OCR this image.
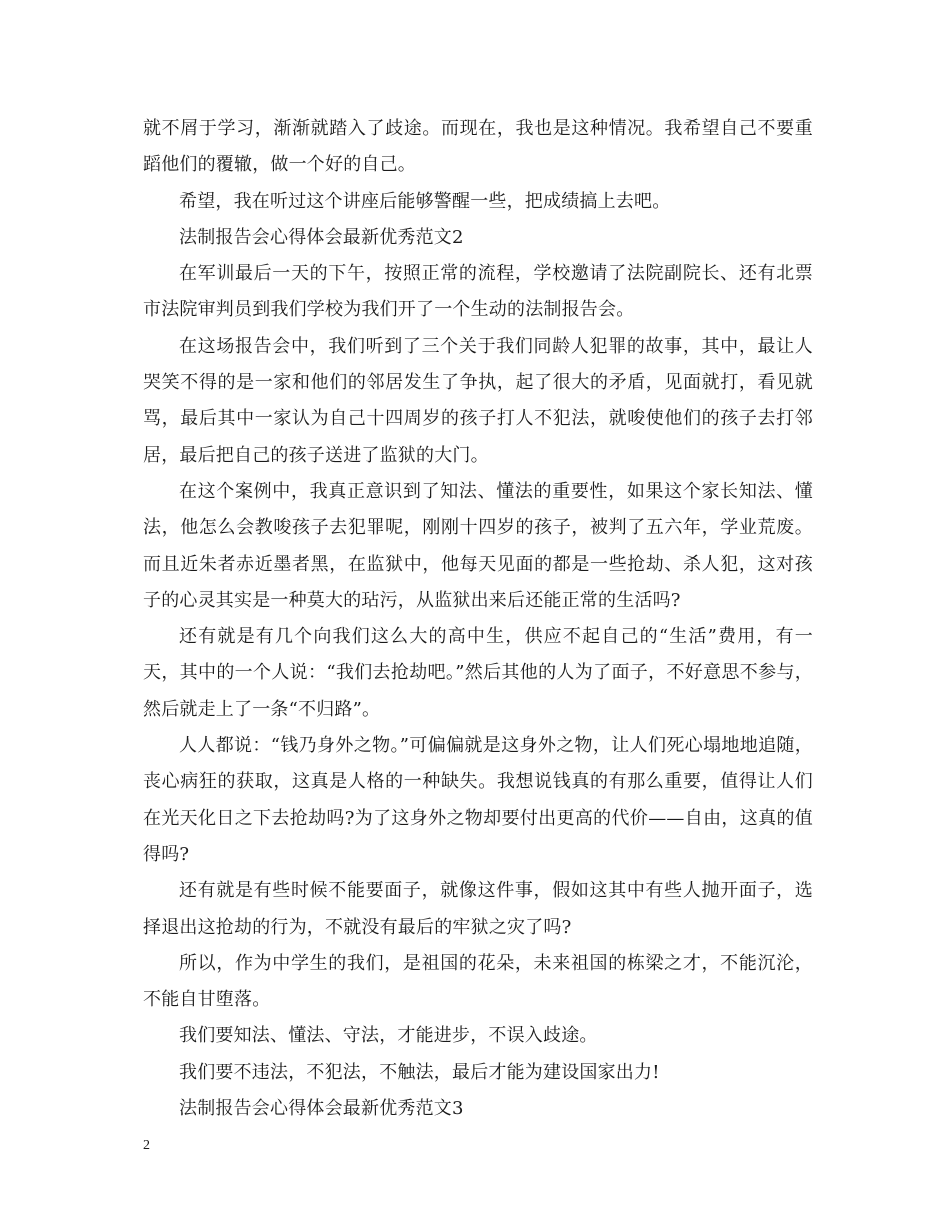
就不屑于学习，渐渐就踏入了歧途。而现在，我也是这种情况。我希望自己不要重蹈他们的覆辙，做一个好的自己。

希望，我在听过这个讲座后能够警醒一些，把成绩搞上去吧。

法制报告会心得体会最新优秀范文2

在军训最后一天的下午，按照正常的流程，学校邀请了法院副院长、还有北票市法院审判员到我们学校为我们开了一个生动的法制报告会。

在这场报告会中，我们听到了三个关于我们同龄人犯罪的故事，其中，最让人哭笑不得的是一家和他们的邻居发生了争执，起了很大的矛盾，见面就打，看见就骂，最后其中一家认为自己十四周岁的孩子打人不犯法，就唆使他们的孩子去打邻居，最后把自己的孩子送进了监狱的大门。

在这个案例中，我真正意识到了知法、懂法的重要性，如果这个家长知法、懂法，他怎么会教唆孩子去犯罪呢，刚刚十四岁的孩子，被判了五六年，学业荒废。而且近朱者赤近墨者黑，在监狱中，他每天见面的都是一些抢劫、杀人犯，这对孩子的心灵其实是一种莫大的玷污，从监狱出来后还能正常的生活吗?

还有就是有几个向我们这么大的高中生，供应不起自己的“生活”费用，有一天，其中的一个人说：“我们去抢劫吧。”然后其他的人为了面子，不好意思不参与，然后就走上了一条“不归路”。

人人都说：“钱乃身外之物。”可偏偏就是这身外之物，让人们死心塌地地追随，丧心病狂的获取，这真是人格的一种缺失。我想说钱真的有那么重要，值得让人们在光天化日之下去抢劫吗?为了这身外之物却要付出更高的代价——自由，这真的值得吗?

还有就是有些时候不能要面子，就像这件事，假如这其中有些人抛开面子，选择退出这抢劫的行为，不就没有最后的牢狱之灾了吗?

所以，作为中学生的我们，是祖国的花朵，未来祖国的栋梁之才，不能沉沦，不能自甘堕落。

我们要知法、懂法、守法，才能进步，不误入歧途。

我们要不违法，不犯法，不触法，最后才能为建设国家出力!

法制报告会心得体会最新优秀范文3

2
